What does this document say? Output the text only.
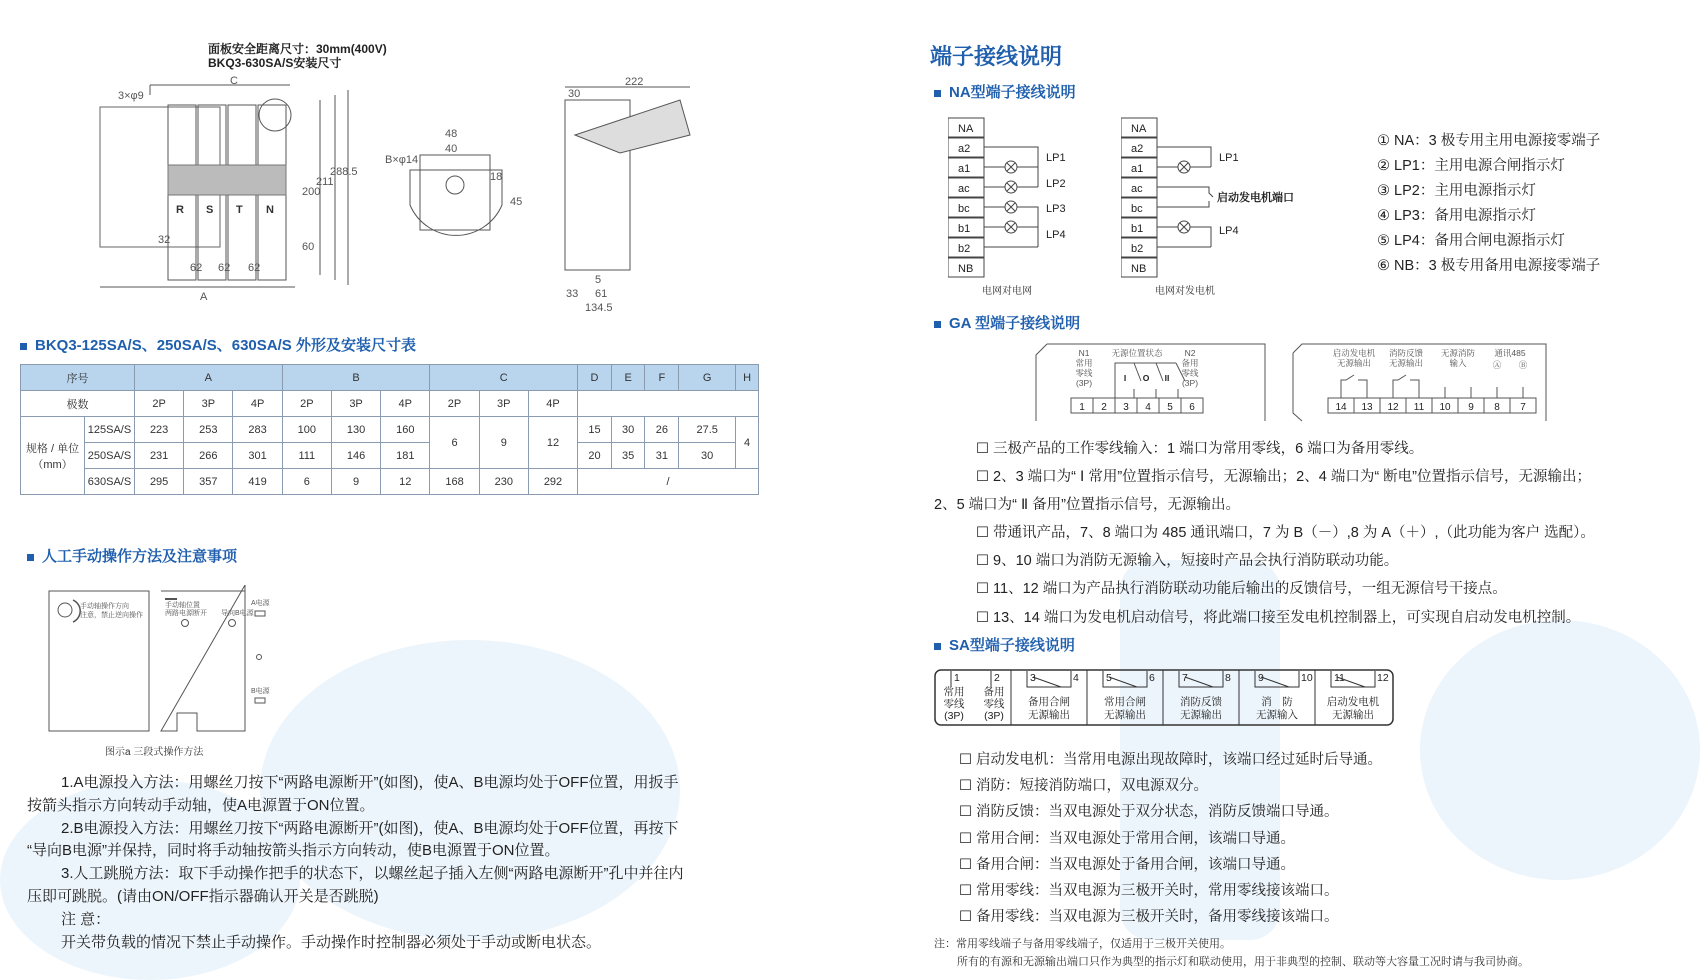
面板安全距离尺寸：30mm(400V)
BKQ3-630SA/S安装尺寸
C
3×φ9
R S T N
A
62 62 62
32
200
211
288.5
60
48
40
B×φ14
18
45
222
30
5
33 61
134.5
BKQ3-125SA/S、250SA/S、630SA/S 外形及安装尺寸表
序号		A			B			C			D	E	F	G	H
极数		2P	3P	4P	2P	3P	4P	2P	3P	4P					
规格 / 单位（mm）	125SA/S	223	253	283	100	130	160	6	9	12	15	30	26	27.5	4
	250SA/S	231	266	301	111	146	181				20	35	31	30	
	630SA/S	295	357	419	6	9	12	168	230	292	/				
人工手动操作方法及注意事项
手动轴操作方向
注意，禁止逆向操作
手动轴位置
两路电源断开 导向B电源
A电源
B电源
图示a 三段式操作方法

1.A电源投入方法：用螺丝刀按下“两路电源断开”(如图)，使A、B电源均处于OFF位置，用扳手

按箭头指示方向转动手动轴，使A电源置于ON位置。

2.B电源投入方法：用螺丝刀按下“两路电源断开”(如图)，使A、B电源均处于OFF位置，再按下

“导向B电源”并保持，同时将手动轴按箭头指示方向转动，使B电源置于ON位置。

3.人工跳脱方法：取下手动操作把手的状态下，以螺丝起子插入左侧“两路电源断开”孔中并往内

压即可跳脱。(请由ON/OFF指示器确认开关是否跳脱)

注 意：

开关带负载的情况下禁止手动操作。手动操作时控制器必须处于手动或断电状态。

端子接线说明
NA型端子接线说明
NA
a2
a1
ac
bc
b1
b2
NB
LP1
LP2
LP3
LP4
电网对电网
NA
a2
a1
ac
bc
b1
b2
NB
LP1
启动发电机端口
LP4
电网对发电机
① NA：3 极专用主用电源接零端子
② LP1：主用电源合闸指示灯
③ LP2：主用电源指示灯
④ LP3：备用电源指示灯
⑤ LP4：备用合闸电源指示灯
⑥ NB：3 极专用备用电源接零端子
GA 型端子接线说明
1 2 3 4 5 6
N1
常用
零线
(3P)
无源位置状态	N2
备用
零线
(3P)
I O II
14 13 12 11 10 9 8 7
启动发电机
无源输出
消防反馈
无源输出
无源消防
输入
通讯485
Ⓐ Ⓑ
☐ 三极产品的工作零线输入：1 端口为常用零线，6 端口为备用零线。
☐ 2、3 端口为“ Ⅰ 常用”位置指示信号，无源输出；2、4 端口为“ 断电”位置指示信号，无源输出；
2、5 端口为“ Ⅱ 备用”位置指示信号，无源输出。
☐ 带通讯产品，7、8 端口为 485 通讯端口，7 为 B（－）,8 为 A（＋）,（此功能为客户 选配）。
☐ 9、10 端口为消防无源输入，短接时产品会执行消防联动功能。
☐ 11、12 端口为产品执行消防联动功能后输出的反馈信号，一组无源信号干接点。
☐ 13、14 端口为发电机启动信号，将此端口接至发电机控制器上，可实现自启动发电机控制。
SA型端子接线说明
1	2
常用
零线
(3P)
备用
零线
(3P)
3	4
备用合闸
无源输出
5	6
常用合闸
无源输出
7	8
消防反馈
无源输出
9	10
消　防
无源输入
11	12
启动发电机
无源输出
☐ 启动发电机：当常用电源出现故障时，该端口经过延时后导通。
☐ 消防：短接消防端口，双电源双分。
☐ 消防反馈：当双电源处于双分状态，消防反馈端口导通。
☐ 常用合闸：当双电源处于常用合闸，该端口导通。
☐ 备用合闸：当双电源处于备用合闸，该端口导通。
☐ 常用零线：当双电源为三极开关时，常用零线接该端口。
☐ 备用零线：当双电源为三极开关时，备用零线接该端口。
注：常用零线端子与备用零线端子，仅适用于三极开关使用。
所有的有源和无源输出端口只作为典型的指示灯和联动使用，用于非典型的控制、联动等大容量工况时请与我司协商。
